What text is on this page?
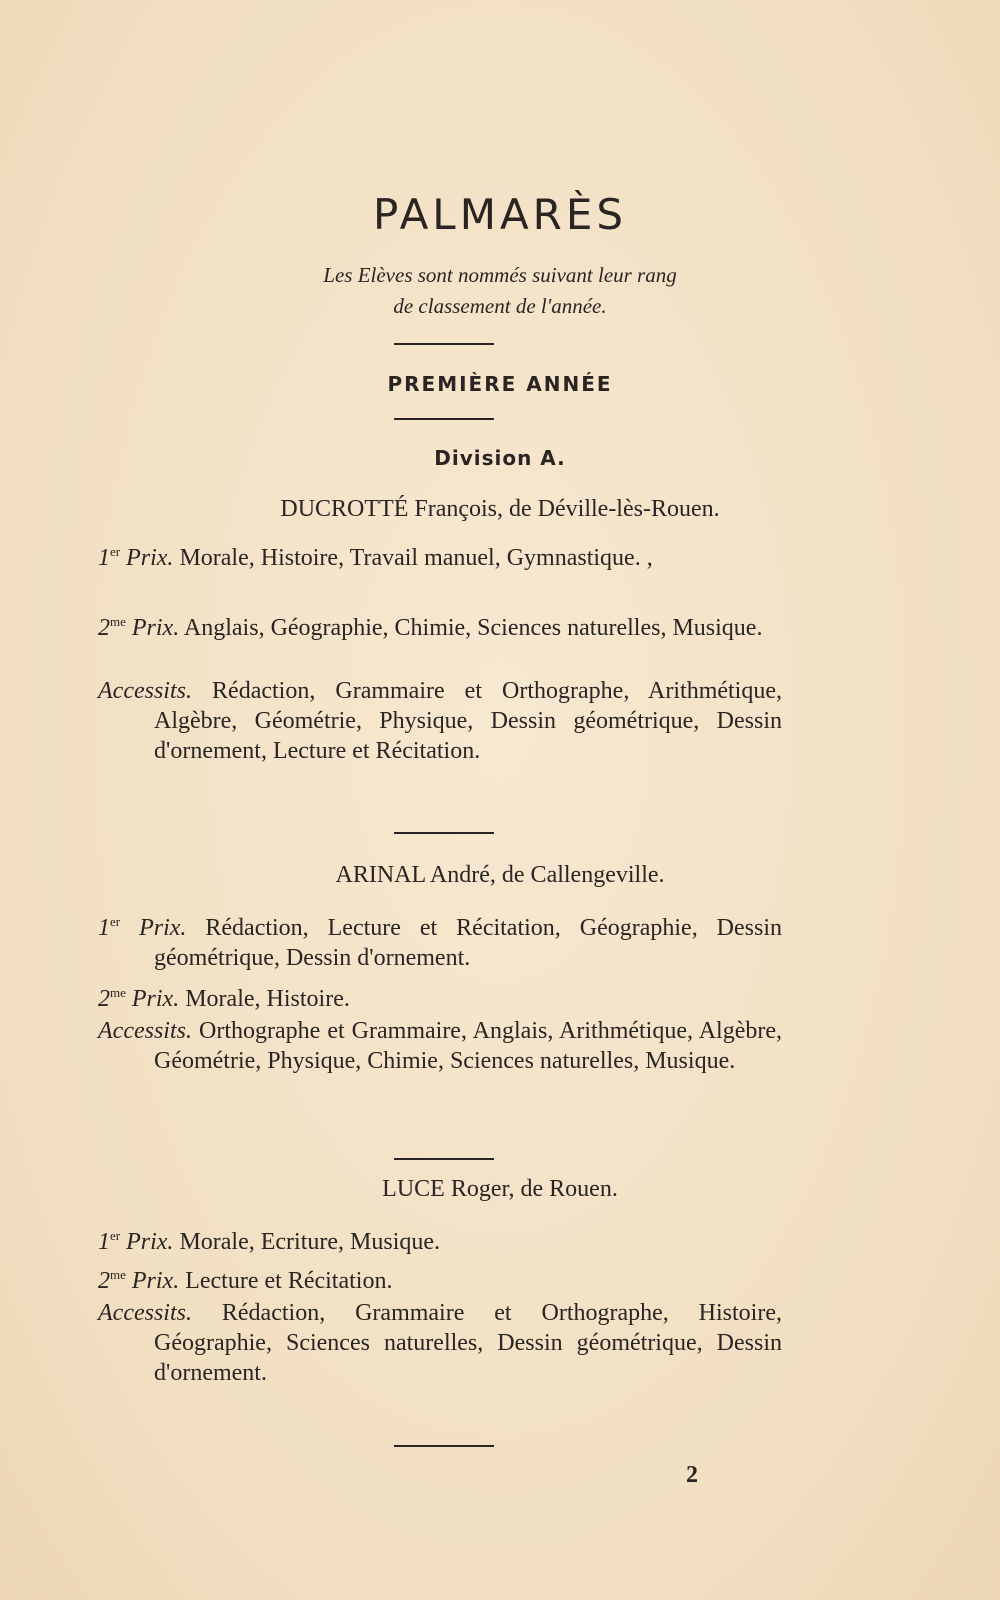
PALMARÈS
Les Elèves sont nommés suivant leur rang
de classement de l'année.
PREMIÈRE ANNÉE
Division A.
DUCROTTÉ François, de Déville-lès-Rouen.
1er Prix. Morale, Histoire, Travail manuel, Gymnastique. ,
$2^{me}$ Prix. Anglais, Géographie, Chimie, Sciences naturelles, Musique.
Accessits. Rédaction, Grammaire et Orthographe, Arithmétique, Algèbre, Géométrie, Physique, Dessin géométrique, Dessin d'ornement, Lecture et Récitation.
ARINAL André, de Callengeville.
1er Prix. Rédaction, Lecture et Récitation, Géographie, Dessin géométrique, Dessin d'ornement.
$2^{me}$ Prix. Morale, Histoire.
Accessits. Orthographe et Grammaire, Anglais, Arithmétique, Algèbre, Géométrie, Physique, Chimie, Sciences naturelles, Musique.
LUCE Roger, de Rouen.
1er Prix. Morale, Ecriture, Musique.
$2^{me}$ Prix. Lecture et Récitation.
Accessits. Rédaction, Grammaire et Orthographe, Histoire, Géographie, Sciences naturelles, Dessin géométrique, Dessin d'ornement.
2
